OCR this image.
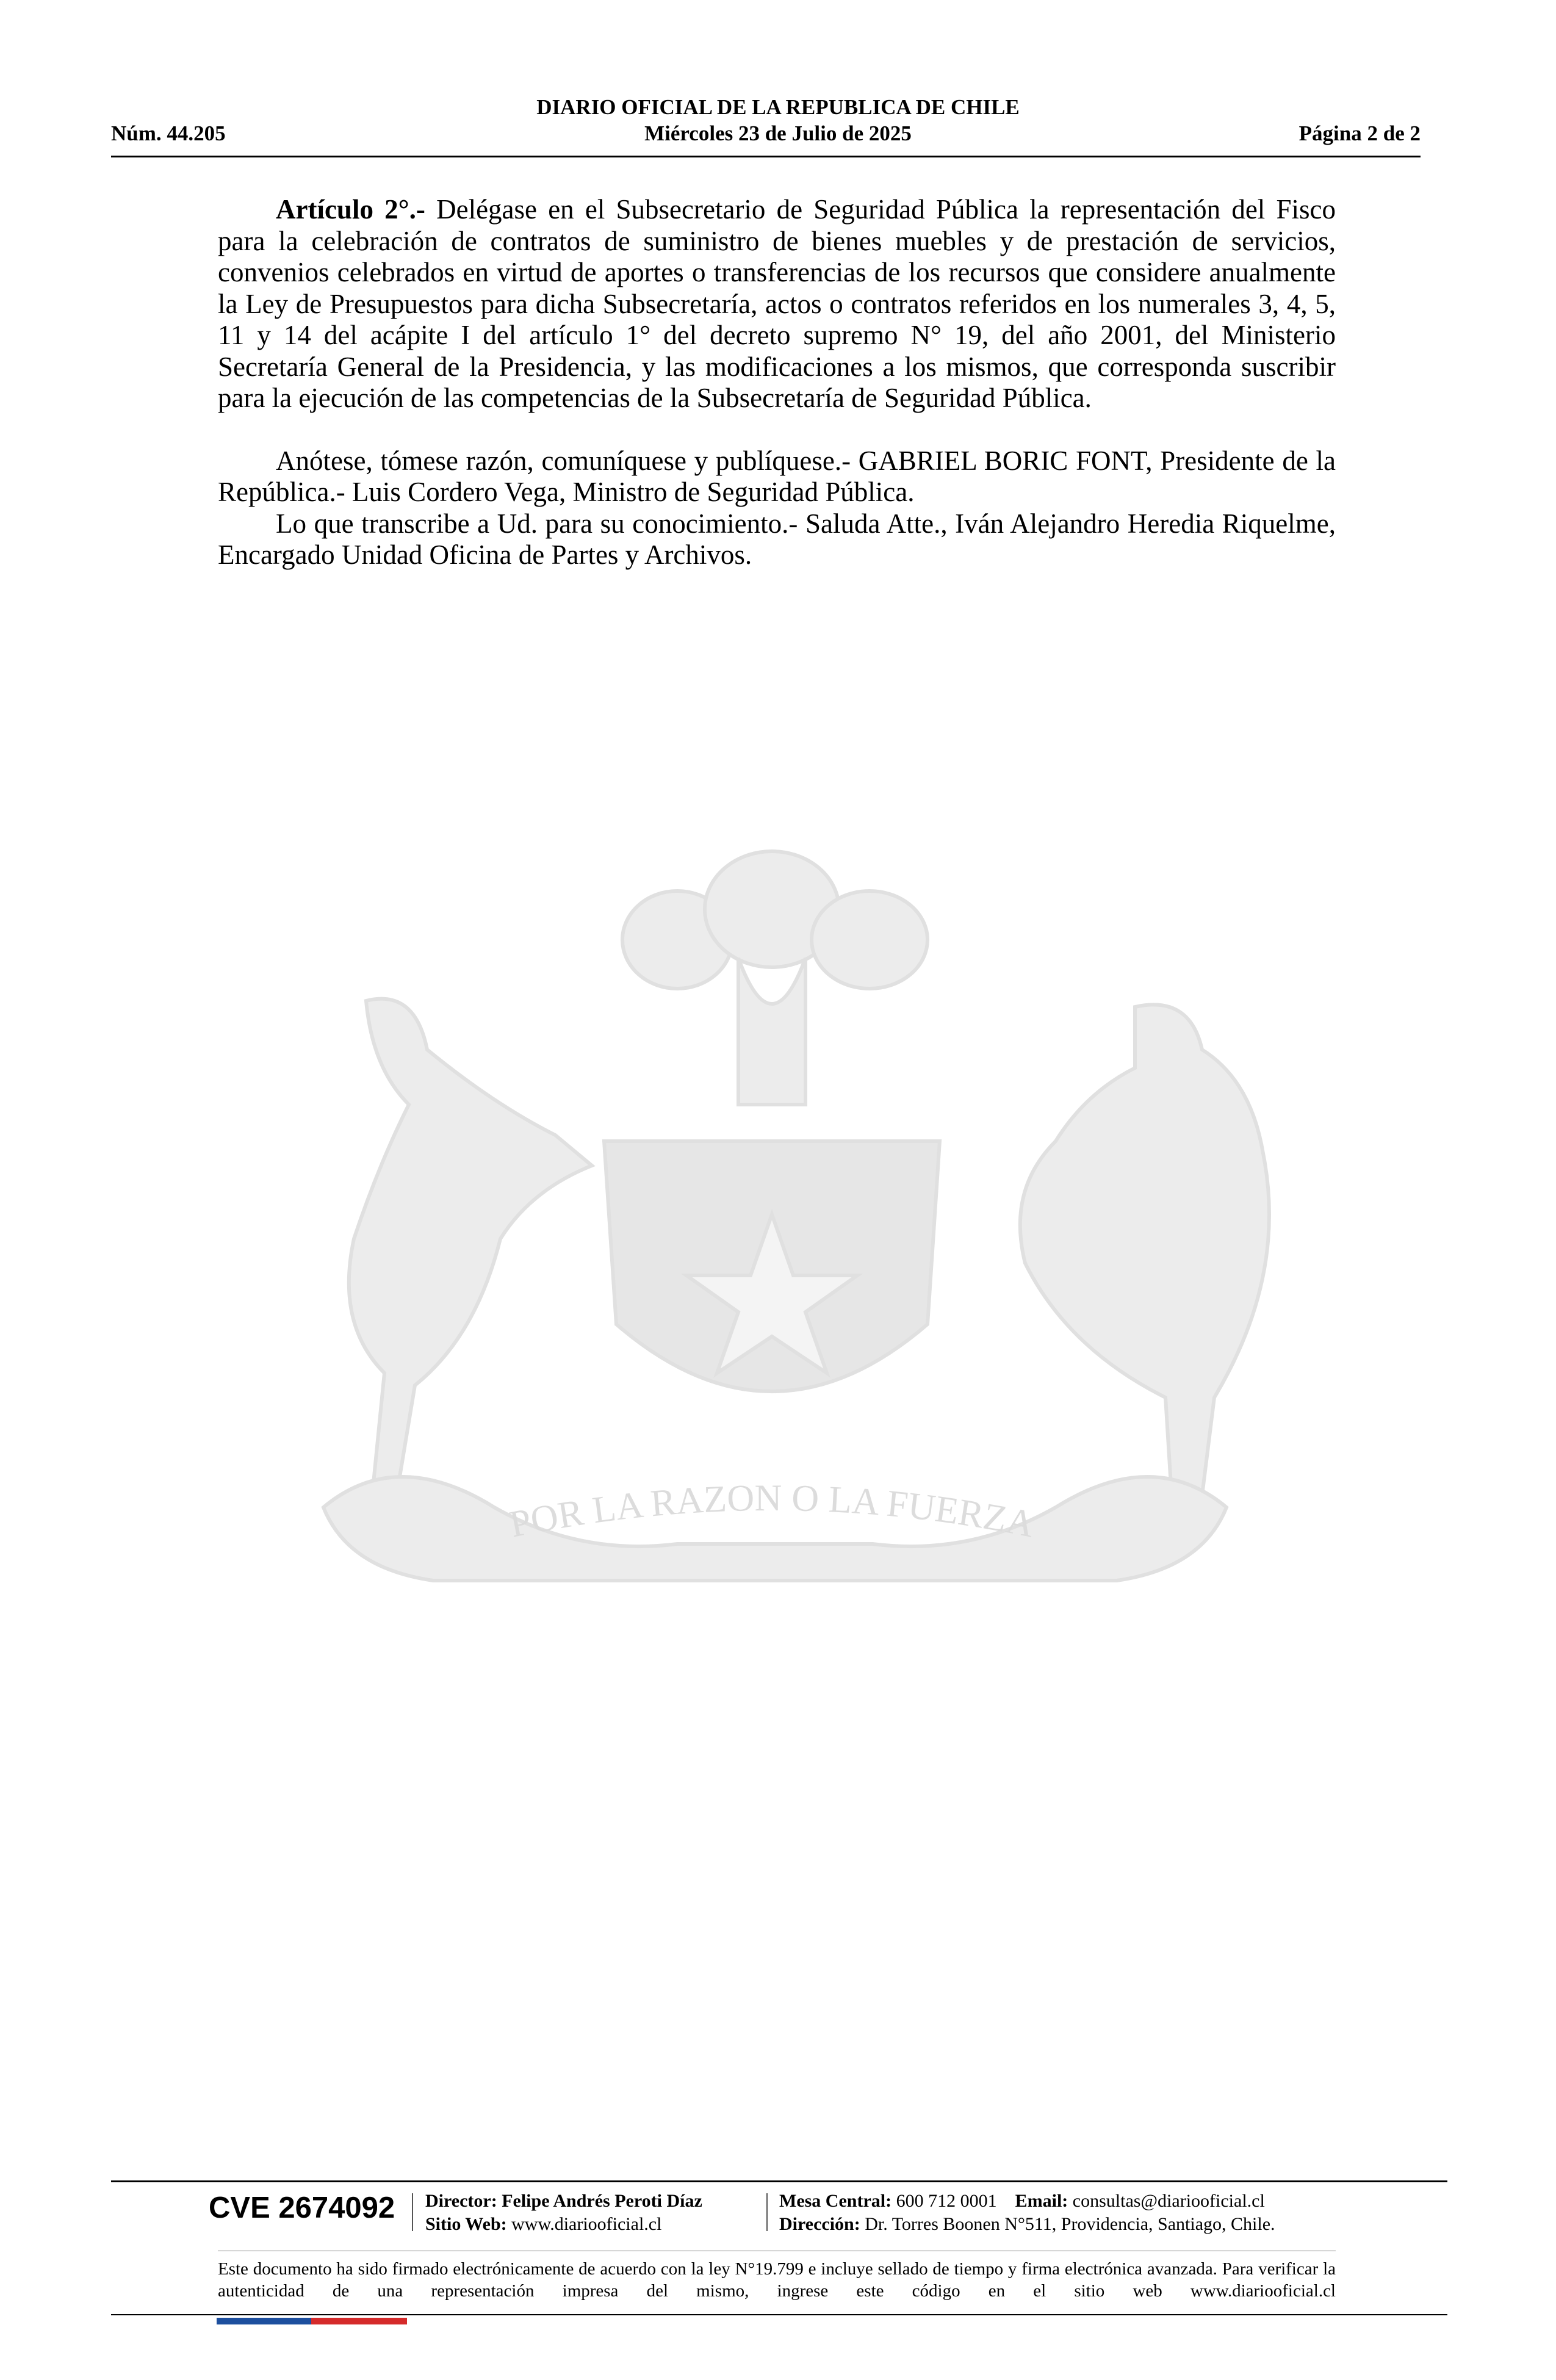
DIARIO OFICIAL DE LA REPUBLICA DE CHILE
Núm. 44.205	Miércoles 23 de Julio de 2025	Página 2 de 2
POR LA RAZON O LA FUERZA

Artículo 2°.- Delégase en el Subsecretario de Seguridad Pública la representación del Fisco para la celebración de contratos de suministro de bienes muebles y de prestación de servicios, convenios celebrados en virtud de aportes o transferencias de los recursos que considere anualmente la Ley de Presupuestos para dicha Subsecretaría, actos o contratos referidos en los numerales 3, 4, 5, 11 y 14 del acápite I del artículo 1° del decreto supremo N° 19, del año 2001, del Ministerio Secretaría General de la Presidencia, y las modificaciones a los mismos, que corresponda suscribir para la ejecución de las competencias de la Subsecretaría de Seguridad Pública.

Anótese, tómese razón, comuníquese y publíquese.- GABRIEL BORIC FONT, Presidente de la República.- Luis Cordero Vega, Ministro de Seguridad Pública.

Lo que transcribe a Ud. para su conocimiento.- Saluda Atte., Iván Alejandro Heredia Riquelme, Encargado Unidad Oficina de Partes y Archivos.

CVE 2674092 Director: Felipe Andrés Peroti Díaz
Sitio Web: www.diariooficial.cl
Mesa Central: 600 712 0001 Email: consultas@diariooficial.cl
Dirección: Dr. Torres Boonen N°511, Providencia, Santiago, Chile.
Este documento ha sido firmado electrónicamente de acuerdo con la ley N°19.799 e incluye sellado de tiempo y firma electrónica avanzada. Para verificar la autenticidad de una representación impresa del mismo, ingrese este código en el sitio web www.diariooficial.cl
